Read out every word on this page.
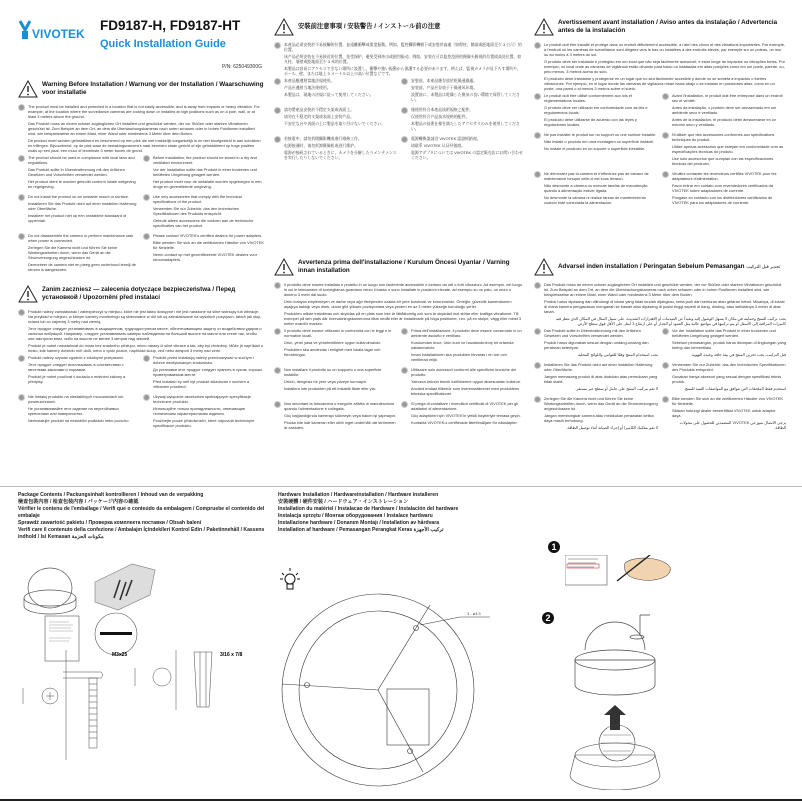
VIVOTEK
FD9187-H, FD9187-HT
Quick Installation Guide
P/N: 625049300G
Warning Before Installation / Warnung vor der Installation / Waarschuwing voor installatie

The product must be installed and protected in a location that is not easily accessible, and is away from impacts or heavy vibration. For example, at the location where the surveillance cameras are looking down or installed at high positions such as on a pole, wall, or at least 3 meters above the ground.

Das Produkt muss an einem schwer zugänglichen Ort installiert und geschützt werden, der vor Stößen oder starken Vibrationen geschützt ist. Zum Beispiel an dem Ort, an dem die Überwachungskameras nach unten schauen oder in hohen Positionen installiert sind, wie beispielsweise an einem Mast, einer Wand oder mindestens 3 Meter über dem Boden.

Dit product moet worden geïnstalleerd en beschermd op een plek die niet makkelijk toegankelijk is en niet blootgesteld is aan schokken en trillingen. Bijvoorbeeld, op de plek waar de bewakingscamera's naar beneden staan gericht of zijn geïnstalleerd op hoge posities zoals op een paal, een muur of tenminste 3 meter boven de grond.

The product should be used in compliance with local laws and regulations.

Das Produkt sollte in Übereinstimmung mit den örtlichen Gesetzen und Vorschriften verwendet werden.

Het product dient te worden gebruikt conform lokale wetgeving en regelgeving.

Before installation, the product should be stored in a dry and ventilated environment.

Vor der Installation sollte das Produkt in einer trockenen und belüfteten Umgebung gelagert werden.

Het product moet voor de installatie worden opgeborgen in een droge en geventileerde omgeving.

Do not install the product on an unstable mount or surface.

Installieren Sie das Produkt nicht auf einer instabilen Halterung oder Oberfläche.

Installeer het product niet op een onstabiele standaard of oppervlak.

Use only accessories that comply with the technical specifications of the product.

Verwenden Sie nur Zubehör, das den technischen Spezifikationen des Produkts entspricht.

Gebruik alleen accessoires die voldoen aan de technische specificaties van het product.

Do not disassemble the camera or perform maintenance task when power is connected.

Zerlegen Sie die Kamera nicht und führen Sie keine Wartungsarbeiten durch, wenn das Gerät an die Stromversorgung angeschlossen ist.

Demonteer de camera niet en pleeg geen onderhoud terwijl de stroom is aangesloten.

Please contact VIVOTEK's certified dealers for power adapters.

Bitte wenden Sie sich an die zertifizierten Händler von VIVOTEK für Netzteile.

Neem contact op met gecertificeerde VIVOTEK dealers voor stroomadapters.

Zanim zaczniesz — zalecenia dotyczące bezpieczeństwa / Перед установкой / Upozornění před instalací

Produkt należy zainstalować i zabezpieczyć w miejscu, które nie jest łatwo dostępne i nie jest narażone na silne wstrząsy lub wibracje. Na przykład w miejscu, w którym kamery monitoringu są skierowane w dół lub są zainstalowane na wysokich pozycjach, takich jak słup, ściana lub co najmniej 3 metry nad ziemią.

Этот продукт следует устанавливать в защищенном, труднодоступном месте, обеспечивающем защиту от воздействия ударов и сильных вибраций. Например, следует устанавливать камеры наблюдения на большой высоте на мачте или стене так, чтобы они смотрели вниз, либо на высоте не менее 3 метров над землей.

Produkt je nutné nainstalovat do místa bez snadného přístupu, mimo nárazy či silné vibrace a tak, aby byl chráněný. Může jít například o místo, kde kamery dohledu míří dolů, nebo o vyšší pozice, například sloup, zeď nebo alespoň 3 metry nad zemí.

Produkt należy używać zgodnie z lokalnymi przepisami.

Этот продукт следует использовать в соответствии с местными законами и нормами.

Produkt je nutné používat v souladu s místními zákony a předpisy.

Produkt przed instalacją należy przechowywać w suchym i dobrze wentylowanym środowisku.

До установки этот продукт следует хранить в сухом, хорошо проветриваемом месте.

Před instalací by měl být produkt skladován v suchém a větraném prostředí.

Nie instaluj produktu na niestabilnych mocowaniach lub powierzchniach.

Не устанавливайте этот изделие на неустойчивых креплениях или поверхностях.

Nerinstalujte produkt na nestabilní podkladu nebo povrchu.

Używaj wyłącznie akcesoriów spełniających specyfikacje techniczne produktu.

Используйте только принадлежности, отвечающие техническим характеристикам изделия.

Používejte pouze příslušenství, které odpovídá technickým specifikacím produktu.

安裝前注意事項 / 安装警告 / インストール前の注意

本產品必須安裝於不易接觸的位置，並遠離衝擊或重度振動。例如，監控攝影機朝下或安裝於高處（如桿柱、牆面或距地面至少 3 公尺）的位置。

该产品必须安装在不易接近的位置，免受保护，避免受到冲击或剧烈振动。例如，安装在可以监控范围的摄像头俯视的位置或高处位置，如支柱、墙壁或距地面至少 3 米的位置。

本製品は容易にアクセスできない場所に設置し、衝撃や強い振動から保護する必要があります。例えば、監視カメラが見下ろす場所や、ポール、壁、または地上 3 メートル以上の高い位置などです。

本產品應遵照當地法規使用。

产品应遵照当地法规使用。

本製品は、現地の法規に従って使用してください。

安裝前，本產品應存放於乾燥通風處。

安装前，产品应存放于干燥通风环境。

設置前に、本製品は乾燥した換気の良い環境で保管してください。

請勿將產品安裝於不穩定支架或表面上。

请勿在不稳定的支架或表面上安装产品。

不安定な台や表面の上に製品を取り付けないでください。

僅使用符合本產品技術規格之配件。

仅使用符合产品技术规格的配件。

本製品の技術仕様を満たしたアクセサリのみを使用してください。

若接電中，請勿拆開攝影機或進行維修工作。

电源接通时，请勿拆卸摄像机或进行维护。

電源が接続されているときに、カメラを分解したりメンテナンスを実行したりしないでください。

電源轉換器請洽 VIVOTEK 認證經銷商。

请联系 VIVOTEK 认证经销商。

電源アダプタについては VIVOTEK の認定販売店にお問い合わせください。

Avvertenza prima dell'installazione / Kurulum Öncesi Uyarılar / Varning innan installation

Il prodotto deve essere installato e protetto in un luogo non facilmente accessibile e lontano da urti o forti vibrazioni. Ad esempio, nel luogo in cui le telecamere di sorveglianza guardano verso il basso o sono installate in posizioni elevate, ad esempio su un palo, un muro o almeno 3 metri dal suolo.

Ürün kolayca erişilemeyen ve darbe veya ağır titreşimden uzakta bir yere kurulmalı ve korunmalıdır. Örneğin, güvenlik kameralarının aşağıya baktığı veya direk, duvar gibi yüksek pozisyonlara veya yerden en az 3 metre yükseğe kurulduğu yerler.

Produkten måste installeras och skyddas på en plats som inte är lättåtkomlig och som är skyddad mot stötar eller kraftiga vibrationer. Till exempel på den plats där övervakningskamerorna tittar nedåt eller är installerade på höga positioner, t.ex. på en stolpe, vägg eller minst 3 meter ovanför marken.

Il prodotto deve essere utilizzato in conformità con le leggi e le normative locali.

Ürün, yerel yasa ve yönetmeliklere uygun kullanılmalıdır.

Produkten ska användas i enlighet med lokala lagar och förordningar.

Prima dell'installazione, il prodotto deve essere conservato in un ambiente asciutto e ventilato.

Kurulumdan önce, ürün kuru ve havalandırılmış bir ortamda saklanmalıdır.

Innan installationen ska produkten förvaras i en torr och ventilerad miljö.

Non installare il prodotto su un supporto o una superficie instabile.

Ürünü, dengesiz bir yere veya yüzeye kurmayın.

Installera inte produkten på ett instabilt fäste eller yta.

Utilizzare solo accessori conformi alle specifiche tecniche del prodotto.

Yalnızca ürünün teknik özelliklerine uygun aksesuarları kullanın.

Använd endast tillbehör som överensstämmer med produktens tekniska specifikationer.

Non smontare la fotocamera o eseguire attività di manutenzione quando l'alimentazione è collegata.

Güç bağlandığında kamerayı sökmeyin veya bakım işi yapmayın.

Plocka inte isär kameran eller utför inget underhåll när strömmen är ansluten.

Si prega di contattare i rivenditori certificati di VIVOTEK per gli adattatori di alimentazione.

Güç adaptörleri için VIVOTEK'in yetkili bayileriyle temasa geçin.

Kontakta VIVOTEK:s certifierade återförsäljare för nätadapter.

Avertissement avant installation / Aviso antes da instalação / Advertencia antes de la instalación

Le produit doit être installé et protégé dans un endroit difficilement accessible, à l'abri des chocs et des vibrations importantes. Par exemple, à l'endroit où les caméras de surveillance sont dirigées vers le bas ou installées à des endroits élevés, par exemple sur un poteau, un mur ou au moins à 3 mètres du sol.

O produto deve ser instalado e protegido em um local que não seja facilmente acessível, e estar longe de impactos ou vibrações fortes. Por exemplo, no local onde as câmeras de vigilância estão olhando para baixo ou instaladas em altas posições como em um poste, parede, ou, pelo menos, 3 metros acima do solo.

El producto debe instalarse y protegerse en un lugar que no sea fácilmente accesible y donde no se someta a impactos o fuertes vibraciones. Por ejemplo, en el lugar donde las cámaras de vigilancia miran hacia abajo o se instalan en posiciones altas, como en un poste, una pared o al menos 3 metros sobre el suelo.

Le produit doit être utilisé conformément aux lois et réglementations locales.

O produto deve ser utilizado em conformidade com as leis e regulamentos locais.

El producto debe utilizarse de acuerdo con las leyes y regulaciones locales.

Avant l'installation, le produit doit être entreposé dans un endroit sec et ventilé.

Antes da instalação, o produto deve ser armazenado em um ambiente seco e ventilado.

Antes de la instalación, el producto debe almacenarse en un entorno seco y ventilado.

Ne pas installer le produit sur un support ou une surface instable.

Não instale o produto em uma montagem ou superfície instável.

No instale el producto en un soporte o superficie inestable.

N'utiliser que des accessoires conformes aux spécifications techniques du produit.

Utilize apenas acessórios que estejam em conformidade com as especificações técnicas do produto.

Use solo accesorios que cumplan con las especificaciones técnicas del producto.

Ne démontez pas la caméra et n'effectuez pas de travaux de maintenance lorsque celle-ci est sous tension.

Não desmonte a câmera ou execute tarefas de manutenção quando a alimentação estiver ligada.

No desmonte la cámara ni realice tareas de mantenimiento cuando esté conectada la alimentación.

Veuillez contacter les revendeurs certifiés VIVOTEK pour les adaptateurs d'alimentation.

Favor entrar em contato com revendedores certificados da VIVOTEK sobre adaptadores de corrente.

Póngase en contacto con los distribuidores certificados de VIVOTEK para los adaptadores de corriente.

Advarsel inden installation / Peringatan Sebelum Pemasangan تحذير قبل التركيب

Das Produkt muss an einem schwer zugänglichen Ort installiert und geschützt werden, der vor Stößen oder starken Vibrationen geschützt ist. Zum Beispiel an dem Ort, an dem die Überwachungskameras nach unten schauen oder in hohen Positionen installiert sind, wie beispielsweise an einem Mast, einer Wand oder mindestens 3 Meter über dem Boden.

Produk harus dipasang dan dilindungi di lokasi yang tidak mudah dijangkau, serta jauh dari benturan atau getaran hebat. Misalnya, di lokasi di mana kamera pengawasan menganah ke bawah atau dipasang di posisi tinggi seperti di tiang, dinding, atau setidaknya 3 meter di atas tanah.

يجب تركيب المنتج وحمايته في مكان لا يسهل الوصول إليه وبعيداً عن الصدمات أو الاهتزازات الشديدة، على سبيل المثال في المكان الذي تنظر فيه كاميرات المراقبة إلى الأسفل أو يتم تركيبها في مواضع عالية مثل العمود أو الجدار أو على ارتفاع 3 أمتار على الأقل فوق سطح الأرض.

Das Produkt sollte in Übereinstimmung mit den örtlichen Gesetzen und Vorschriften verwendet werden.

Produk harus digunakan sesuai dengan undang-undang dan peraturan setempat.

يجب استخدام المنتج وفقًا للقوانين واللوائح المحلية.

Vor der Installation sollte das Produkt in einer trockenen und belüfteten Umgebung gelagert werden.

Sebelum pemasangan, produk harus disimpan di lingkungan yang kering dan berventilasi.

قبل التركيب، يجب تخزين المنتج في بيئة جافة وجيدة التهوية.

Installieren Sie das Produkt nicht auf einer instabilen Halterung oder Oberfläche.

Jangan memasang produk di atas dudukan atau permukaan yang tidak stabil.

لا تقم بتركيب المنتج على حامل أو سطح غير مستقر.

Verwenden Sie nur Zubehör, das den technischen Spezifikationen des Produkts entspricht.

Gunakan hanya aksesori yang sesuai dengan spesifikasi teknis produk.

استخدم فقط الملحقات التي تتوافق مع المواصفات الفنية للمنتج.

Zerlegen Sie die Kamera nicht und führen Sie keine Wartungsarbeiten durch, wenn das Gerät an die Stromversorgung angeschlossen ist.

Jangan membongkar kamera atau melakukan perawatan ketika daya masih terhubung.

لا تقم بتفكيك الكاميرا أو إجراء الصيانة أثناء توصيل الطاقة.

Bitte wenden Sie sich an die zertifizierten Händler von VIVOTEK für Netzteile.

Silakan hubungi dealer bersertifikat VIVOTEK untuk adaptor daya.

يرجى الاتصال بموزعي VIVOTEK المعتمدين للحصول على محولات الطاقة.

Package Contents / Packungsinhalt kontrollieren / Inhoud van de verpakking
檢查包裝內容 / 检查包装内容 / パッケージ内容の確認
Vérifier le contenu de l'emballage / Verifi que o conteúdo da embalagem / Compruebe el contenido del embalaje
Sprawdź zawartość pakietu / Проверка комплекта поставки / Obsah balení
Verifi care il contenuto della confezione / Ambalajın İçindekileri Kontrol Edin / Paketinnehåll / Kassens indhold / Isi Kemasan مكونات الحزمة
M3x25	3/16 x 7/8
Hardware Installation / Hardwareinstallation / Hardware installeren
安裝硬體 / 硬件安装 / ハードウェア・インストレーション
Installation du matériel / Instalacao de Hardware / Instalación del hardware
Instalacja sprzętu / Монтаж оборудования / Instalace hardwaru
Installazione hardware / Donanım Montajı / Installation av hårdvara
Installation af hardware / Pemasangan Perangkat Keras تركيب الأجهزة
3 - ø4.5
1
2
